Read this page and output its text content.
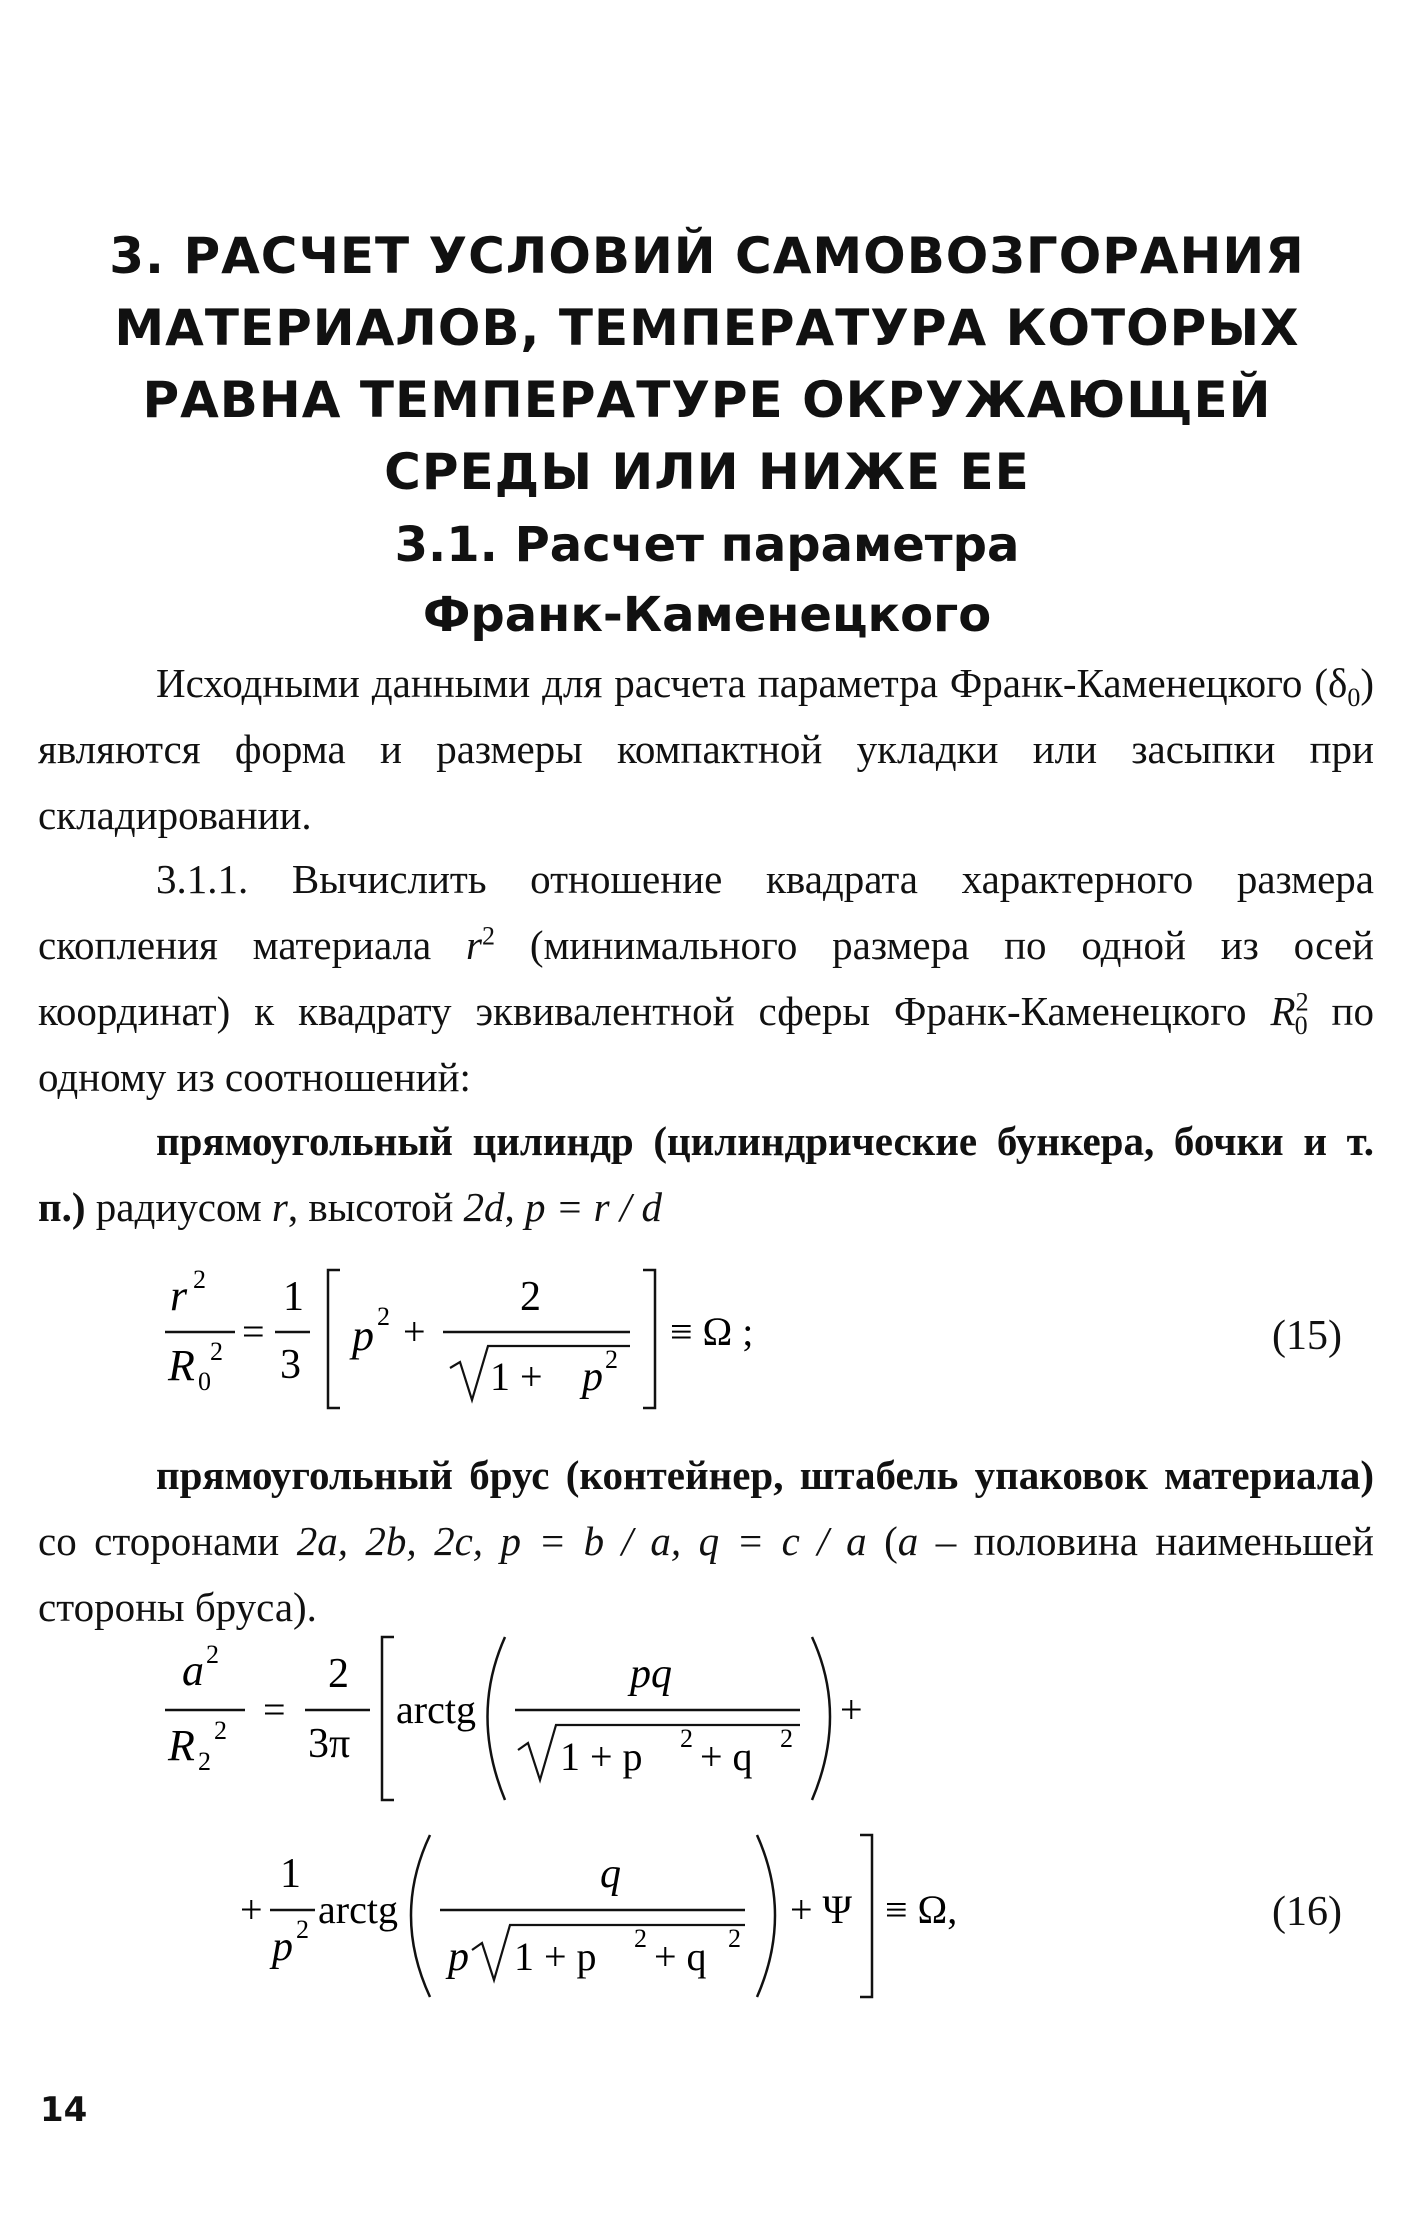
3. РАСЧЕТ УСЛОВИЙ САМОВОЗГОРАНИЯ
МАТЕРИАЛОВ, ТЕМПЕРАТУРА КОТОРЫХ
РАВНА ТЕМПЕРАТУРЕ ОКРУЖАЮЩЕЙ
СРЕДЫ ИЛИ НИЖЕ ЕЕ
3.1. Расчет параметра
Франк-Каменецкого

Исходными данными для расчета параметра Франк-Каменецкого $(\delta_0)$ являются форма и размеры компактной укладки или засыпки при складировании.

3.1.1. Вычислить отношение квадрата характерного размера скопления материала $r^2$ (минимального размера по одной из осей координат) к квадрату эквивалентной сферы Франк-Каменецкого $R^2_0$ по одному из соотношений:

прямоугольный цилиндр (цилиндрические бункера, бочки и т. п.) радиусом r, высотой 2d, p = r / d

r 2
R 0
2 =
1
3
p 2 +
2
1 + p 2
≡ Ω ;	(15)

прямоугольный брус (контейнер, штабель упаковок материала) со сторонами 2a, 2b, 2c, p = b / a, q = c / a (a – половина наименьшей стороны бруса).

a 2
R 2
2 =
2
3π
arctg
pq
1 + p 2 + q 2
+
+
1
p 2 arctg
q
p 1 + p 2 + q 2
+ Ψ ≡ Ω,	(16)
14
